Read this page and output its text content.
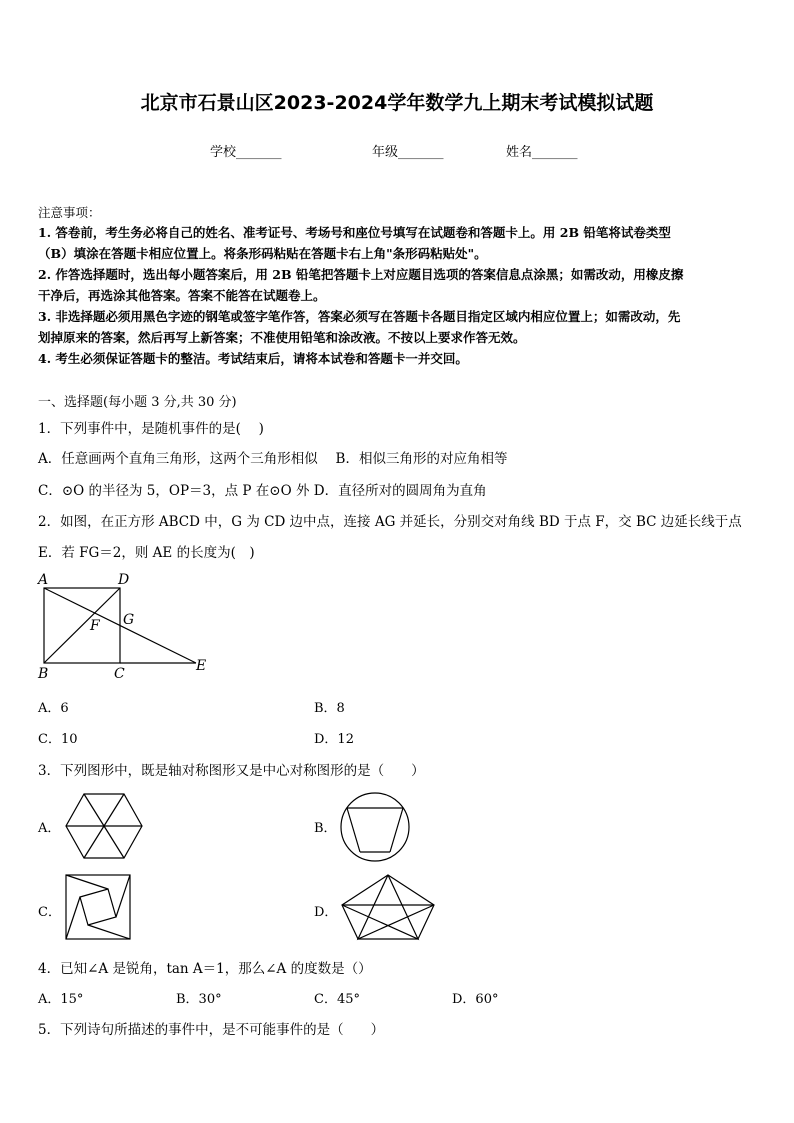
北京市石景山区2023-2024学年数学九上期末考试模拟试题
学校_______	年级_______	姓名_______
注意事项：
1. 答卷前，考生务必将自己的姓名、准考证号、考场号和座位号填写在试题卷和答题卡上。用 2B 铅笔将试卷类型
（B）填涂在答题卡相应位置上。将条形码粘贴在答题卡右上角"条形码粘贴处"。
2. 作答选择题时，选出每小题答案后，用 2B 铅笔把答题卡上对应题目选项的答案信息点涂黑；如需改动，用橡皮擦
干净后，再选涂其他答案。答案不能答在试题卷上。
3. 非选择题必须用黑色字迹的钢笔或签字笔作答，答案必须写在答题卡各题目指定区域内相应位置上；如需改动，先
划掉原来的答案，然后再写上新答案；不准使用铅笔和涂改液。不按以上要求作答无效。
4. 考生必须保证答题卡的整洁。考试结束后，请将本试卷和答题卡一并交回。
一、选择题(每小题 3 分,共 30 分)
1．下列事件中，是随机事件的是(　 )
A．任意画两个直角三角形，这两个三角形相似　 B．相似三角形的对应角相等
C．⊙O 的半径为 5，OP＝3，点 P 在⊙O 外 D．直径所对的圆周角为直角
2．如图，在正方形 ABCD 中，G 为 CD 边中点，连接 AG 并延长，分别交对角线 BD 于点 F，交 BC 边延长线于点
E．若 FG＝2，则 AE 的长度为(　)
A	D
F G
B	C	E
A．6	B．8
C．10	D．12
3．下列图形中，既是轴对称图形又是中心对称图形的是（　　）
A．	B．
C．	D．
4．已知∠A 是锐角，tan A＝1，那么∠A 的度数是（）
A．15°	B．30°	C．45°	D．60°
5．下列诗句所描述的事件中，是不可能事件的是（　　）
